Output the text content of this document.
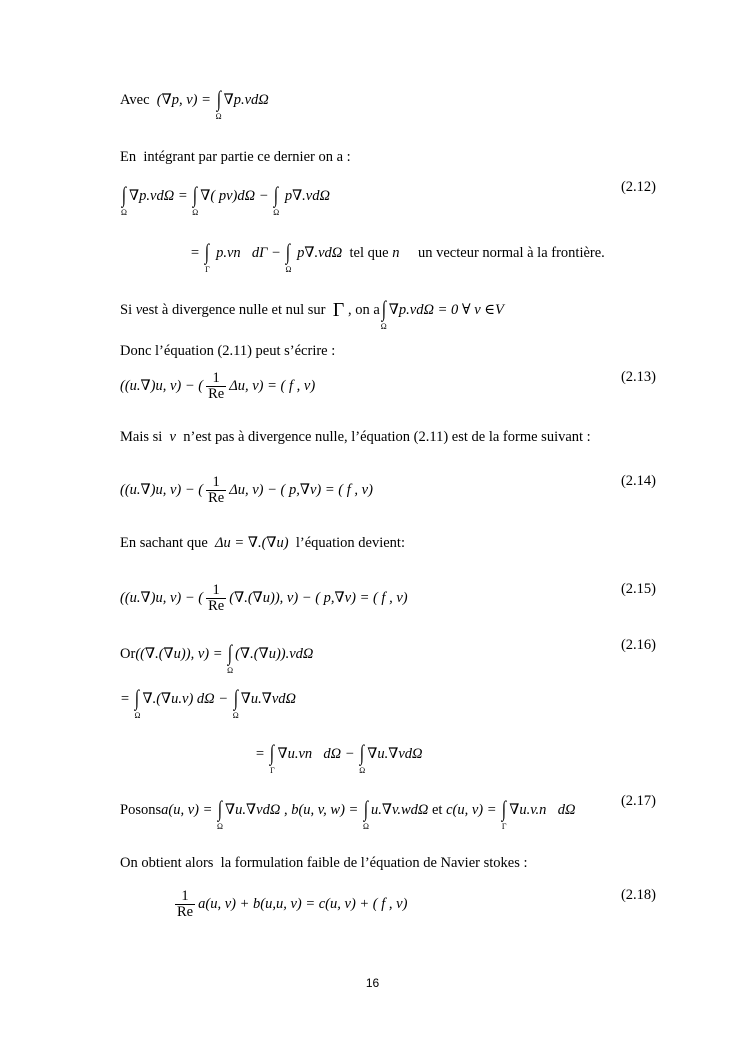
Avec (∇p, v) = ∫
Ω
∇p.vdΩ
En  intégrant par partie ce dernier on a :
∫
Ω
∇p.vdΩ = ∫
Ω
∇( pv)dΩ − ∫
Ω
p∇.vdΩ
(2.12)
= ∫
Γ
p.vn⃗dΓ − ∫
Ω
p∇.vdΩ tel que n⃗ un vecteur normal à la frontière.
Si v est à divergence nulle et nul sur Γ , on a ∫
Ω
∇p.vdΩ = 0 ∀ v ∈V
Donc l’équation (2.11) peut s’écrire :
((u.∇)u, v) − ( $\frac{1}{Re} \Delta u$, v) = ( f , v)
(2.13)
Mais si v n’est pas à divergence nulle, l’équation (2.11) est de la forme suivant :
((u.∇)u, v) − ( $\frac{1}{Re} \Delta u$, v) − ( p,∇v) = ( f , v)
(2.14)
En sachant que Δu = ∇.(∇u) l’équation devient:
((u.∇)u, v) − ( $\frac{1}{Re} (\nabla.(\nabla u))$, v) − ( p,∇v) = ( f , v)
(2.15)
Or ((∇.(∇u)), v) = ∫
Ω
(∇.(∇u)).vdΩ
(2.16)
= ∫
Ω
∇.(∇u.v) dΩ − ∫
Ω
∇u.∇vdΩ
= ∫
Γ
∇u.vn⃗dΩ − ∫
Ω
∇u.∇vdΩ
Posons a(u, v) = ∫
Ω
∇u.∇vdΩ , b(u, v, w) = ∫
Ω
u.∇v.wdΩ et c(u, v) = ∫
Γ
∇u.v.n⃗dΩ
(2.17)
On obtient alors  la formulation faible de l’équation de Navier stokes :
$\frac{1}{Re} a(u$, v) + b(u,u, v) = c(u, v) + ( f , v)
(2.18)
16
